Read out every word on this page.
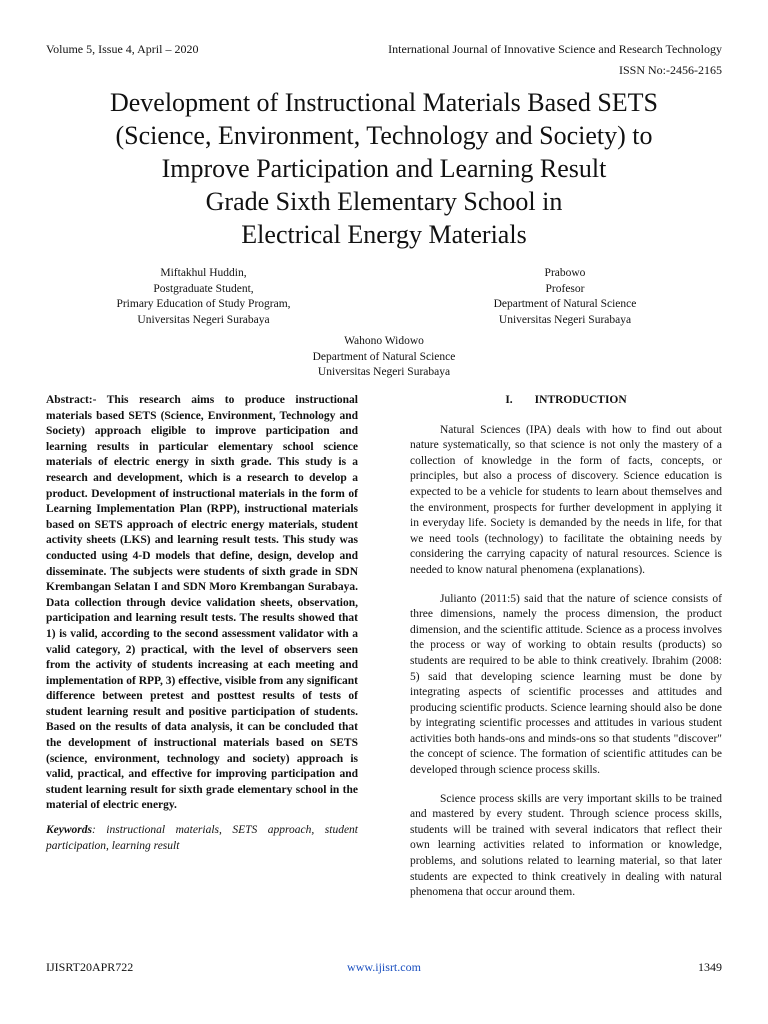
Volume 5, Issue 4, April – 2020	International Journal of Innovative Science and Research Technology
ISSN No:-2456-2165
Development of Instructional Materials Based SETS
(Science, Environment, Technology and Society) to
Improve Participation and Learning Result
Grade Sixth Elementary School in
Electrical Energy Materials
Miftakhul Huddin,
Postgraduate Student,
Primary Education of Study Program,
Universitas Negeri Surabaya
Prabowo
Profesor
Department of Natural Science
Universitas Negeri Surabaya
Wahono Widowo
Department of Natural Science
Universitas Negeri Surabaya

Abstract:- This research aims to produce instructional materials based SETS (Science, Environment, Technology and Society) approach eligible to improve participation and learning results in particular elementary school science materials of electric energy in sixth grade. This study is a research and development, which is a research to develop a product. Development of instructional materials in the form of Learning Implementation Plan (RPP), instructional materials based on SETS approach of electric energy materials, student activity sheets (LKS) and learning result tests. This study was conducted using 4-D models that define, design, develop and disseminate. The subjects were students of sixth grade in SDN Krembangan Selatan I and SDN Moro Krembangan Surabaya. Data collection through device validation sheets, observation, participation and learning result tests. The results showed that 1) is valid, according to the second assessment validator with a valid category, 2) practical, with the level of observers seen from the activity of students increasing at each meeting and implementation of RPP, 3) effective, visible from any significant difference between pretest and posttest results of tests of student learning result and positive participation of students. Based on the results of data analysis, it can be concluded that the development of instructional materials based on SETS (science, environment, technology and society) approach is valid, practical, and effective for improving participation and student learning result for sixth grade elementary school in the material of electric energy.

Keywords: instructional materials, SETS approach, student participation, learning result
I. INTRODUCTION

Natural Sciences (IPA) deals with how to find out about nature systematically, so that science is not only the mastery of a collection of knowledge in the form of facts, concepts, or principles, but also a process of discovery. Science education is expected to be a vehicle for students to learn about themselves and the environment, prospects for further development in applying it in everyday life. Society is demanded by the needs in life, for that we need tools (technology) to facilitate the obtaining needs by considering the carrying capacity of natural resources. Science is needed to know natural phenomena (explanations).

Julianto (2011:5) said that the nature of science consists of three dimensions, namely the process dimension, the product dimension, and the scientific attitude. Science as a process involves the process or way of working to obtain results (products) so students are required to be able to think creatively. Ibrahim (2008: 5) said that developing science learning must be done by integrating aspects of scientific processes and attitudes and producing scientific products. Science learning should also be done by integrating scientific processes and attitudes in various student activities both hands-ons and minds-ons so that students "discover" the concept of science. The formation of scientific attitudes can be developed through science process skills.

Science process skills are very important skills to be trained and mastered by every student. Through science process skills, students will be trained with several indicators that reflect their own learning activities related to information or knowledge, problems, and solutions related to learning material, so that later students are expected to think creatively in dealing with natural phenomena that occur around them.

IJISRT20APR722	www.ijisrt.com	1349
